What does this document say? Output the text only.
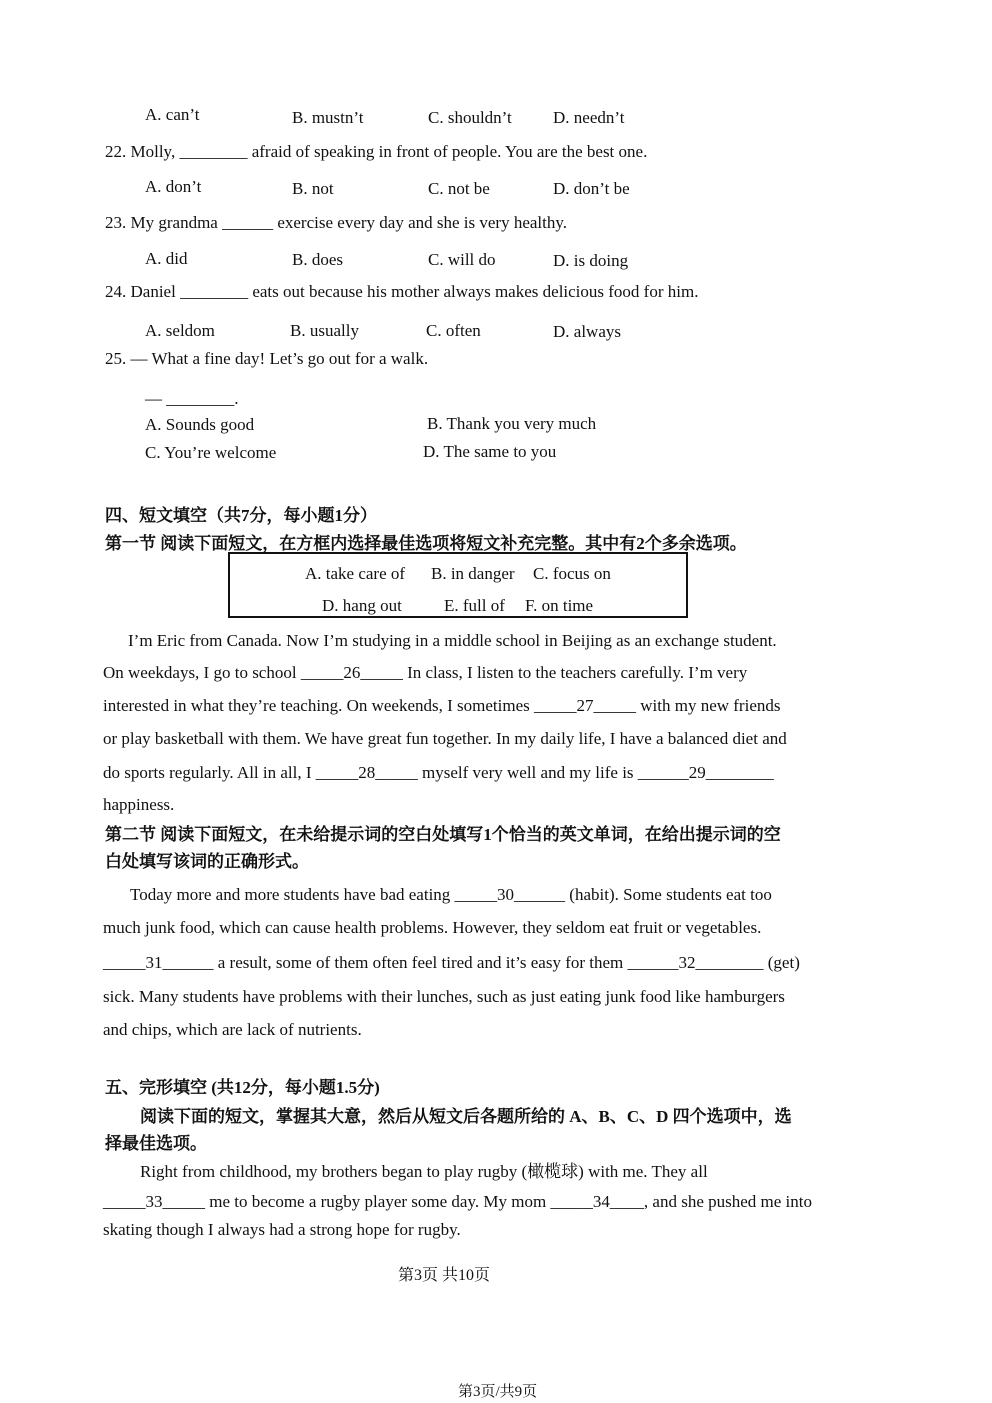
A. can’t	B. mustn’t	C. shouldn’t D. needn’t
22. Molly, ________ afraid of speaking in front of people. You are the best one.
A. don’t	B. not	C. not be	D. don’t be
23. My grandma ______ exercise every day and she is very healthy.
A. did	B. does	C. will do	D. is doing
24. Daniel ________ eats out because his mother always makes delicious food for him.
A. seldom	B. usually	C. often	D. always
25. — What a fine day! Let’s go out for a walk.
— ________.
A. Sounds good	B. Thank you very much
C. You’re welcome	D. The same to you
四、短文填空（共7分，每小题1分）
第一节 阅读下面短文，在方框内选择最佳选项将短文补充完整。其中有2个多余选项。
A. take care of B. in danger C. focus on
D. hang out E. full of F. on time
I’m Eric from Canada. Now I’m studying in a middle school in Beijing as an exchange student.
On weekdays, I go to school _____26_____ In class, I listen to the teachers carefully. I’m very
interested in what they’re teaching. On weekends, I sometimes _____27_____ with my new friends
or play basketball with them. We have great fun together. In my daily life, I have a balanced diet and
do sports regularly. All in all, I _____28_____ myself very well and my life is ______29________
happiness.
第二节 阅读下面短文，在未给提示词的空白处填写1个恰当的英文单词，在给出提示词的空
白处填写该词的正确形式。
Today more and more students have bad eating _____30______ (habit). Some students eat too
much junk food, which can cause health problems. However, they seldom eat fruit or vegetables.
_____31______ a result, some of them often feel tired and it’s easy for them ______32________ (get)
sick. Many students have problems with their lunches, such as just eating junk food like hamburgers
and chips, which are lack of nutrients.
五、完形填空 (共12分，每小题1.5分)
阅读下面的短文，掌握其大意，然后从短文后各题所给的 A、B、C、D 四个选项中，选
择最佳选项。
Right from childhood, my brothers began to play rugby (橄榄球) with me. They all
_____33_____ me to become a rugby player some day. My mom _____34____, and she pushed me into
skating though I always had a strong hope for rugby.
第3页 共10页
第3页/共9页
